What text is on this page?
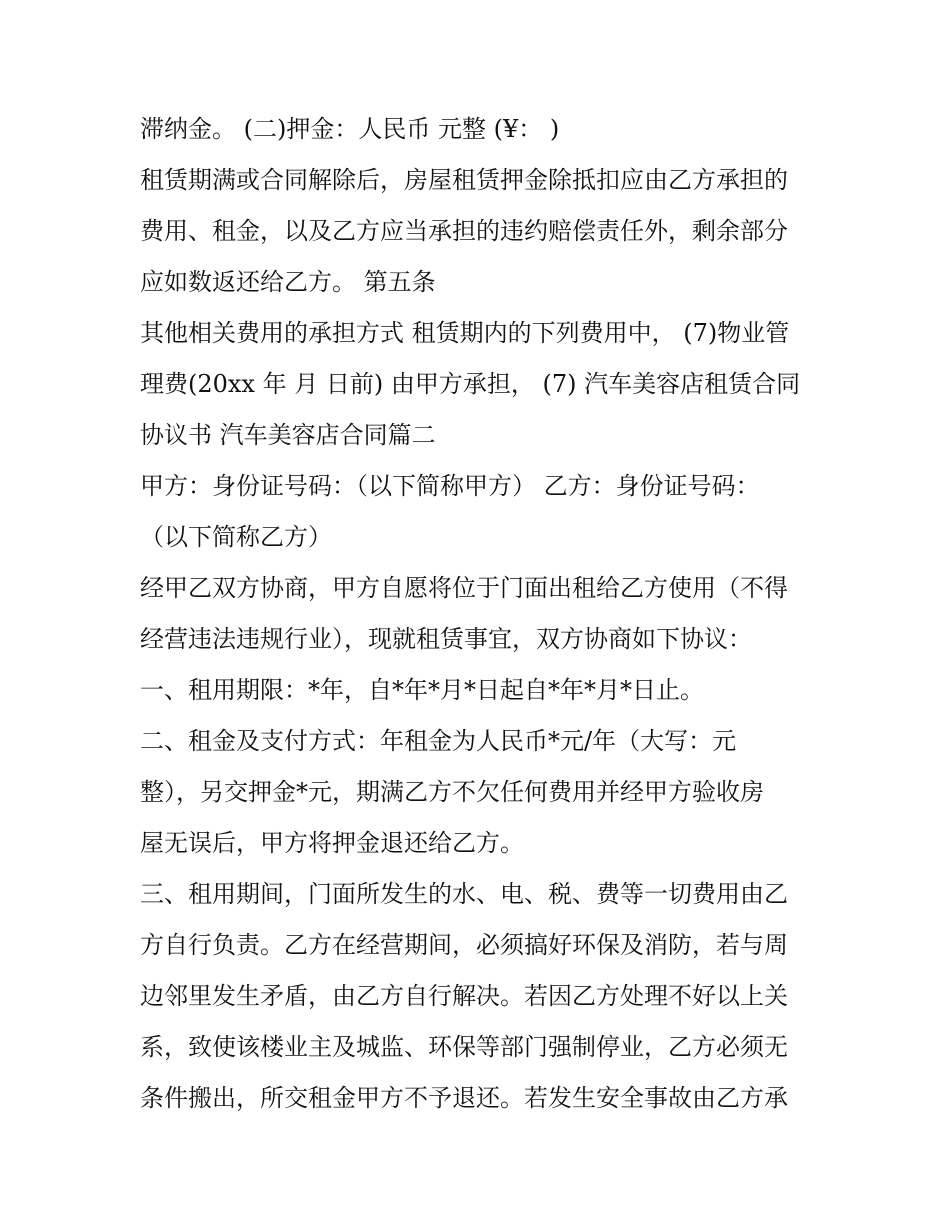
滞纳金。 (二)押金：人民币 元整 (¥： )
租赁期满或合同解除后，房屋租赁押金除抵扣应由乙方承担的
费用、租金，以及乙方应当承担的违约赔偿责任外，剩余部分
应如数返还给乙方。 第五条
其他相关费用的承担方式 租赁期内的下列费用中， (7)物业管
理费(20xx 年 月 日前) 由甲方承担， (7) 汽车美容店租赁合同
协议书 汽车美容店合同篇二
甲方：身份证号码：（以下简称甲方） 乙方：身份证号码：
（以下简称乙方）
经甲乙双方协商，甲方自愿将位于门面出租给乙方使用（不得
经营违法违规行业），现就租赁事宜，双方协商如下协议：
一、租用期限：*年，自*年*月*日起自*年*月*日止。
二、租金及支付方式：年租金为人民币*元/年（大写：元
整），另交押金*元，期满乙方不欠任何费用并经甲方验收房
屋无误后，甲方将押金退还给乙方。
三、租用期间，门面所发生的水、电、税、费等一切费用由乙
方自行负责。乙方在经营期间，必须搞好环保及消防，若与周
边邻里发生矛盾，由乙方自行解决。若因乙方处理不好以上关
系，致使该楼业主及城监、环保等部门强制停业，乙方必须无
条件搬出，所交租金甲方不予退还。若发生安全事故由乙方承
